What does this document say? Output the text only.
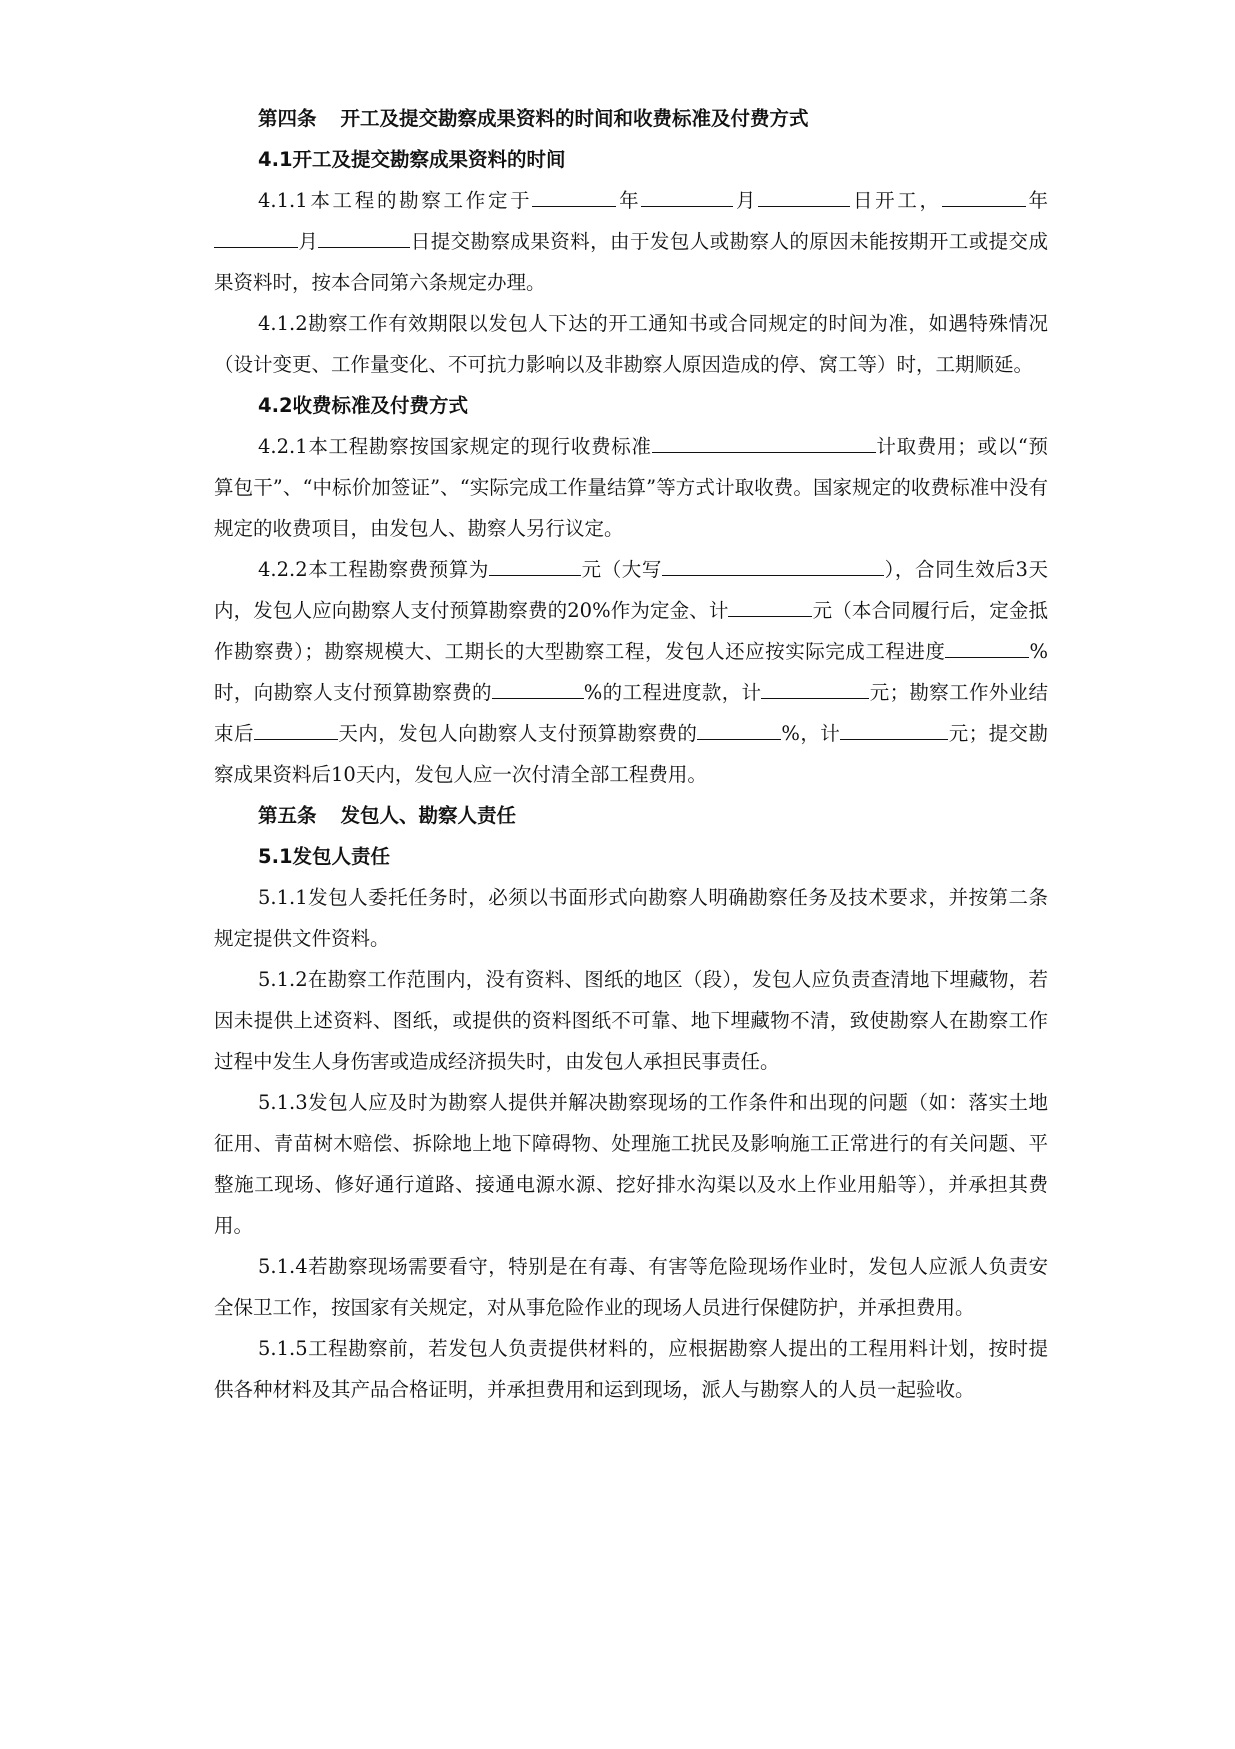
第四条 开工及提交勘察成果资料的时间和收费标准及付费方式
4.1开工及提交勘察成果资料的时间
4.1.1本工程的勘察工作定于	年	月	日开工，	年月	日提交勘察成果资料，由于发包人或勘察人的原因未能按期开工或提交成果资料时，按本合同第六条规定办理。
4.1.2勘察工作有效期限以发包人下达的开工通知书或合同规定的时间为准，如遇特殊情况（设计变更、工作量变化、不可抗力影响以及非勘察人原因造成的停、窝工等）时，工期顺延。
4.2收费标准及付费方式
4.2.1本工程勘察按国家规定的现行收费标准	计取费用；或以“预算包干”、“中标价加签证”、“实际完成工作量结算”等方式计取收费。国家规定的收费标准中没有规定的收费项目，由发包人、勘察人另行议定。
4.2.2本工程勘察费预算为	元（大写	），合同生效后3天内，发包人应向勘察人支付预算勘察费的20%作为定金、计	元（本合同履行后，定金抵作勘察费）；勘察规模大、工期长的大型勘察工程，发包人还应按实际完成工程进度	%时，向勘察人支付预算勘察费的	%的工程进度款，计	元；勘察工作外业结束后	天内，发包人向勘察人支付预算勘察费的	%，计	元；提交勘察成果资料后10天内，发包人应一次付清全部工程费用。
第五条 发包人、勘察人责任
5.1发包人责任
5.1.1发包人委托任务时，必须以书面形式向勘察人明确勘察任务及技术要求，并按第二条规定提供文件资料。
5.1.2在勘察工作范围内，没有资料、图纸的地区（段），发包人应负责查清地下埋藏物，若因未提供上述资料、图纸，或提供的资料图纸不可靠、地下埋藏物不清，致使勘察人在勘察工作过程中发生人身伤害或造成经济损失时，由发包人承担民事责任。
5.1.3发包人应及时为勘察人提供并解决勘察现场的工作条件和出现的问题（如：落实土地征用、青苗树木赔偿、拆除地上地下障碍物、处理施工扰民及影响施工正常进行的有关问题、平整施工现场、修好通行道路、接通电源水源、挖好排水沟渠以及水上作业用船等），并承担其费用。
5.1.4若勘察现场需要看守，特别是在有毒、有害等危险现场作业时，发包人应派人负责安全保卫工作，按国家有关规定，对从事危险作业的现场人员进行保健防护，并承担费用。
5.1.5工程勘察前，若发包人负责提供材料的，应根据勘察人提出的工程用料计划，按时提供各种材料及其产品合格证明，并承担费用和运到现场，派人与勘察人的人员一起验收。
